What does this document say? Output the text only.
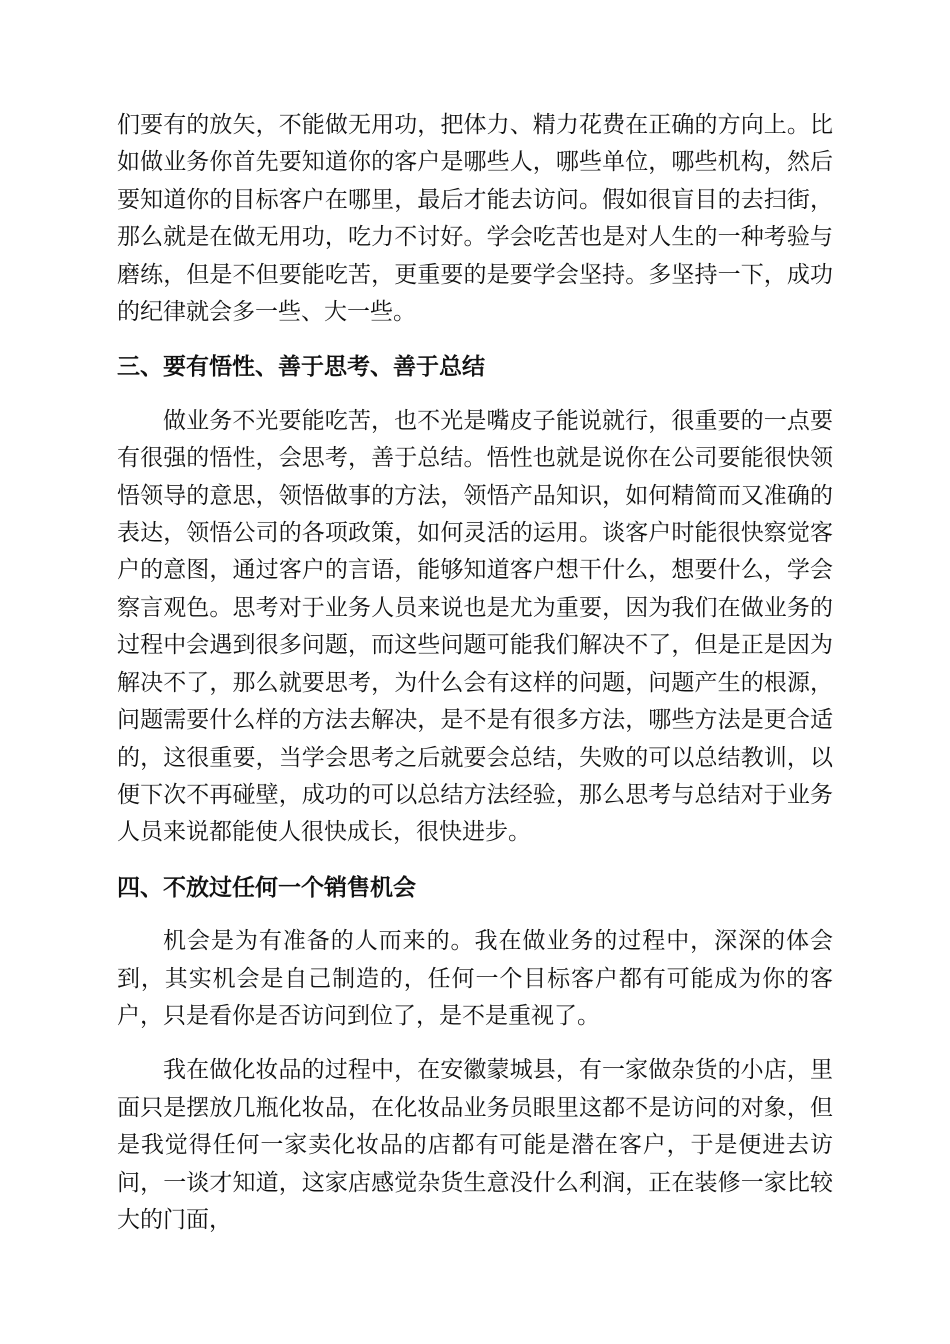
们要有的放矢，不能做无用功，把体力、精力花费在正确的方向上。比如做业务你首先要知道你的客户是哪些人，哪些单位，哪些机构，然后要知道你的目标客户在哪里，最后才能去访问。假如很盲目的去扫街，那么就是在做无用功，吃力不讨好。学会吃苦也是对人生的一种考验与磨练，但是不但要能吃苦，更重要的是要学会坚持。多坚持一下，成功的纪律就会多一些、大一些。

三、要有悟性、善于思考、善于总结

做业务不光要能吃苦，也不光是嘴皮子能说就行，很重要的一点要有很强的悟性，会思考，善于总结。悟性也就是说你在公司要能很快领悟领导的意思，领悟做事的方法，领悟产品知识，如何精简而又准确的表达，领悟公司的各项政策，如何灵活的运用。谈客户时能很快察觉客户的意图，通过客户的言语，能够知道客户想干什么，想要什么，学会察言观色。思考对于业务人员来说也是尤为重要，因为我们在做业务的过程中会遇到很多问题，而这些问题可能我们解决不了，但是正是因为解决不了，那么就要思考，为什么会有这样的问题，问题产生的根源，问题需要什么样的方法去解决，是不是有很多方法，哪些方法是更合适的，这很重要，当学会思考之后就要会总结，失败的可以总结教训，以便下次不再碰壁，成功的可以总结方法经验，那么思考与总结对于业务人员来说都能使人很快成长，很快进步。

四、不放过任何一个销售机会

机会是为有准备的人而来的。我在做业务的过程中，深深的体会到，其实机会是自己制造的，任何一个目标客户都有可能成为你的客户，只是看你是否访问到位了，是不是重视了。

我在做化妆品的过程中，在安徽蒙城县，有一家做杂货的小店，里面只是摆放几瓶化妆品，在化妆品业务员眼里这都不是访问的对象，但是我觉得任何一家卖化妆品的店都有可能是潜在客户，于是便进去访问，一谈才知道，这家店感觉杂货生意没什么利润，正在装修一家比较大的门面，
